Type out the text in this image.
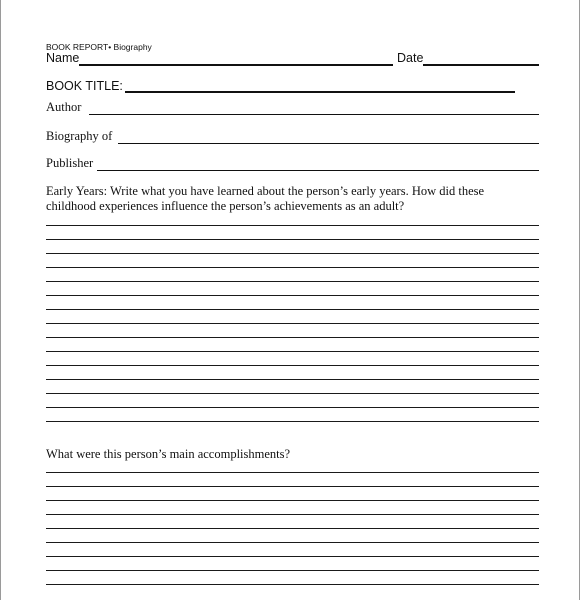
BOOK REPORT• Biography
Name	Date
BOOK TITLE:
Author
Biography of
Publisher
Early Years: Write what you have learned about the person’s early years. How did these
childhood experiences influence the person’s achievements as an adult?
What were this person’s main accomplishments?
